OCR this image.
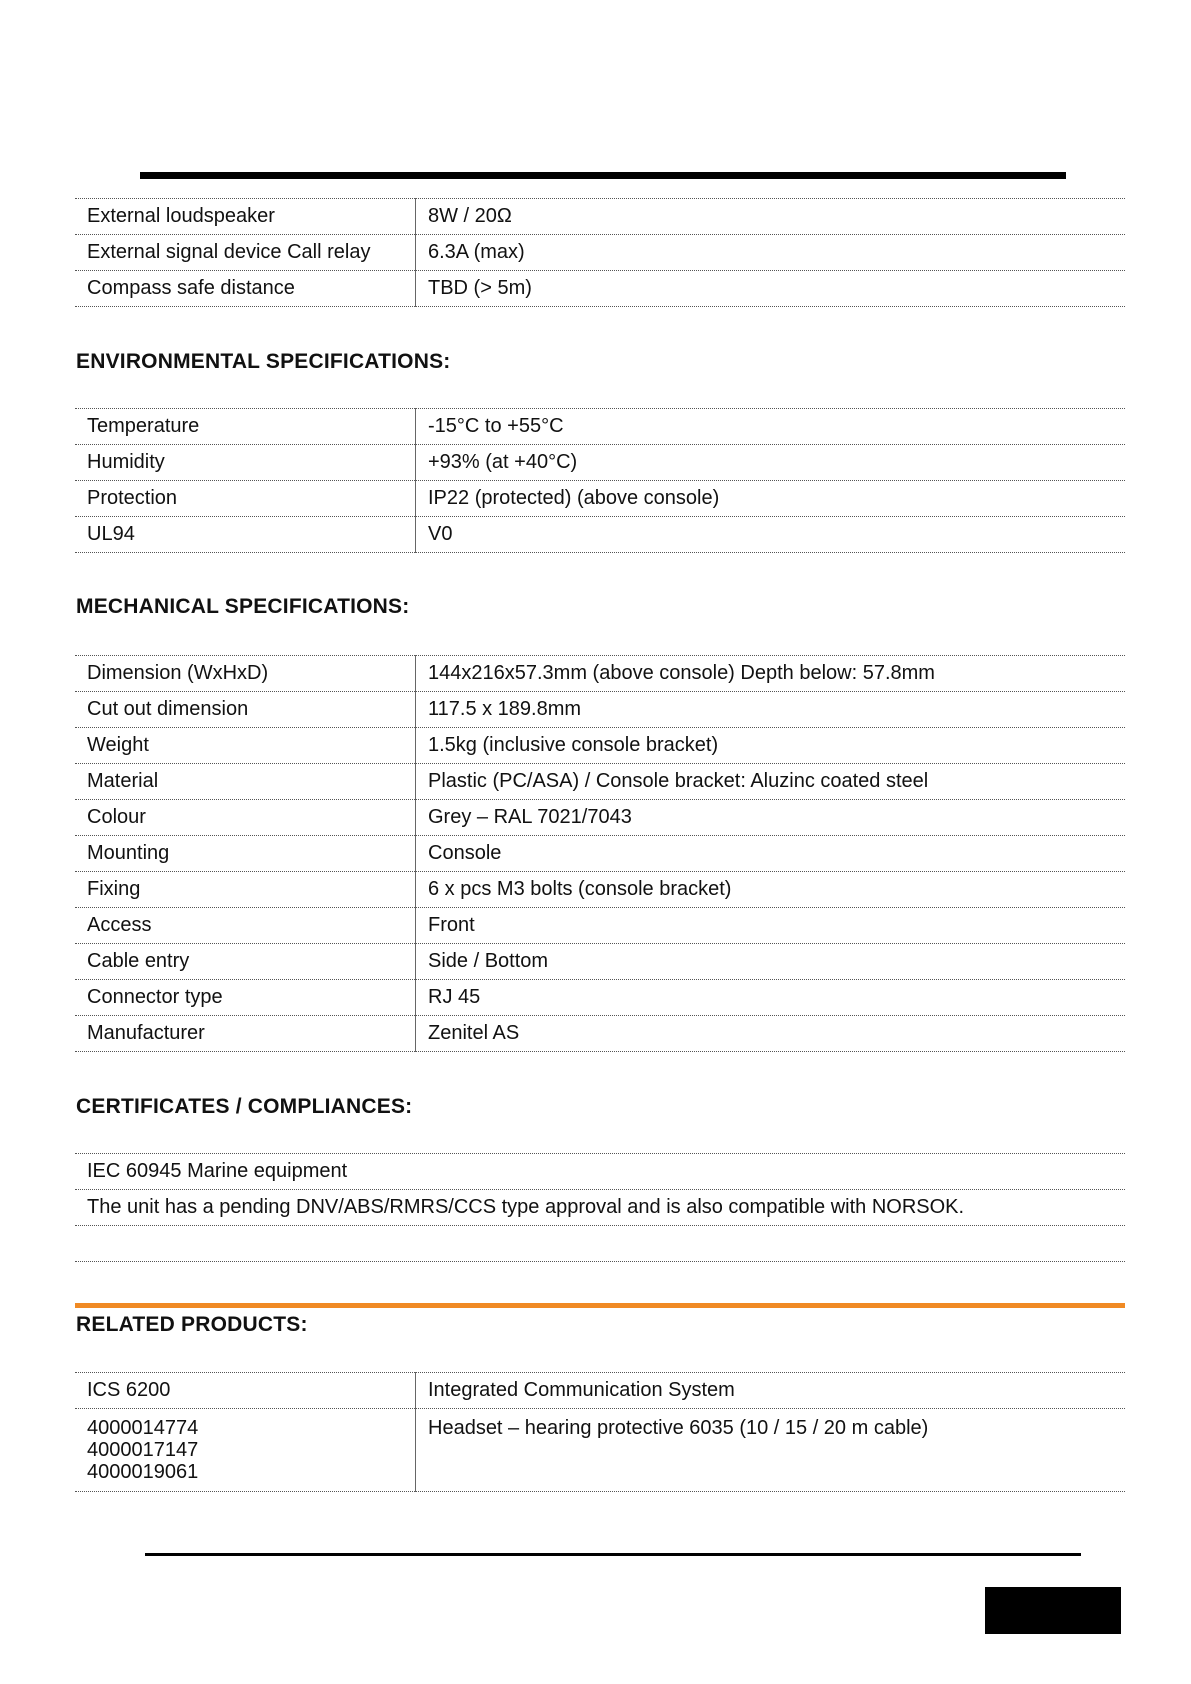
External loudspeaker	8W / 20Ω
External signal device Call relay	6.3A (max)
Compass safe distance	TBD (> 5m)
ENVIRONMENTAL SPECIFICATIONS:
Temperature	-15°C to +55°C
Humidity	+93% (at +40°C)
Protection	IP22 (protected) (above console)
UL94	V0
MECHANICAL SPECIFICATIONS:
Dimension (WxHxD)	144x216x57.3mm (above console) Depth below: 57.8mm
Cut out dimension	117.5 x 189.8mm
Weight	1.5kg (inclusive console bracket)
Material	Plastic (PC/ASA) / Console bracket: Aluzinc coated steel
Colour	Grey – RAL 7021/7043
Mounting	Console
Fixing	6 x pcs M3 bolts (console bracket)
Access	Front
Cable entry	Side / Bottom
Connector type	RJ 45
Manufacturer	Zenitel AS
CERTIFICATES / COMPLIANCES:
IEC 60945 Marine equipment
The unit has a pending DNV/ABS/RMRS/CCS type approval and is also compatible with NORSOK.
RELATED PRODUCTS:
ICS 6200	Integrated Communication System

4000014774
4000017147
4000019061	Headset – hearing protective 6035 (10 / 15 / 20 m cable)
